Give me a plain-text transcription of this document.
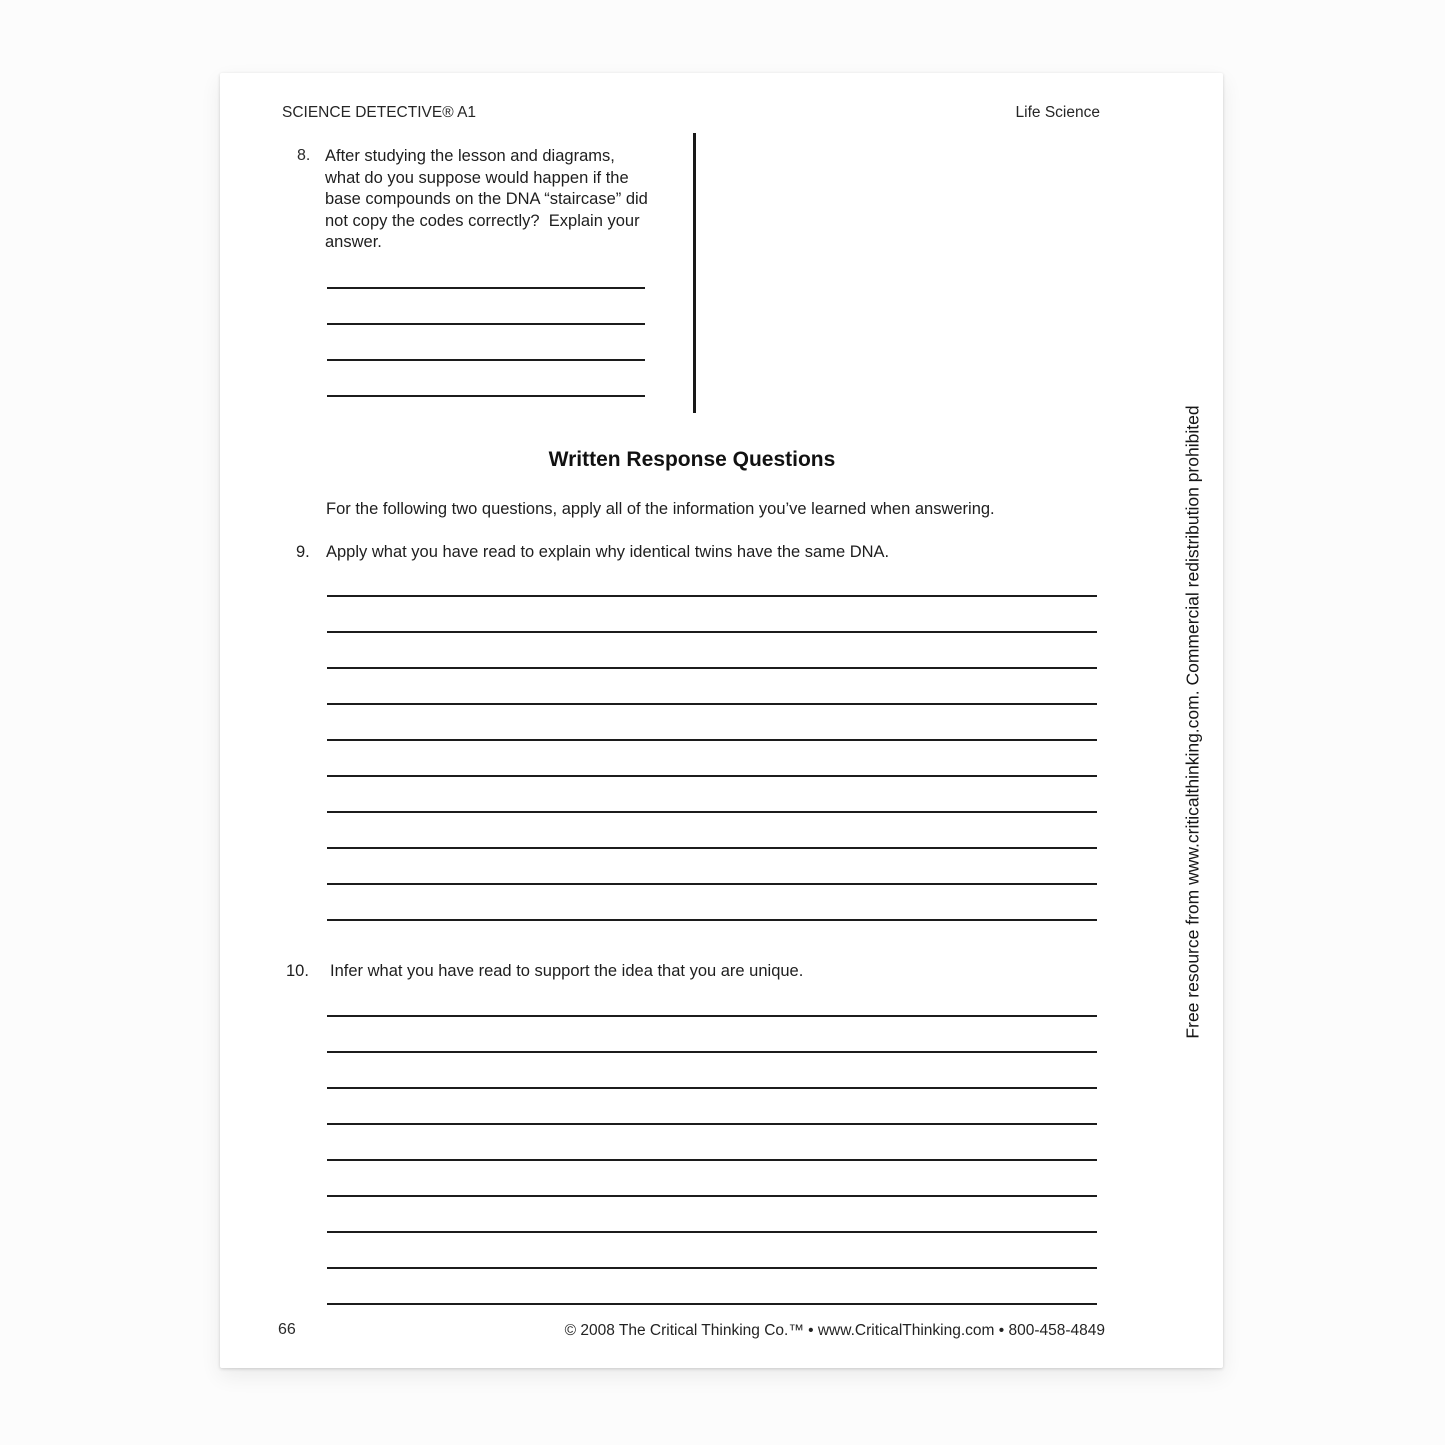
SCIENCE DETECTIVE® A1	Life Science
8. After studying the lesson and diagrams,
what do you suppose would happen if the
base compounds on the DNA “staircase” did
not copy the codes correctly?  Explain your
answer.
Written Response Questions
For the following two questions, apply all of the information you’ve learned when answering.
9. Apply what you have read to explain why identical twins have the same DNA.
10. Infer what you have read to support the idea that you are unique.
66	© 2008 The Critical Thinking Co.™ • www.CriticalThinking.com • 800-458-4849
Free resource from www.criticalthinking.com. Commercial redistribution prohibited
